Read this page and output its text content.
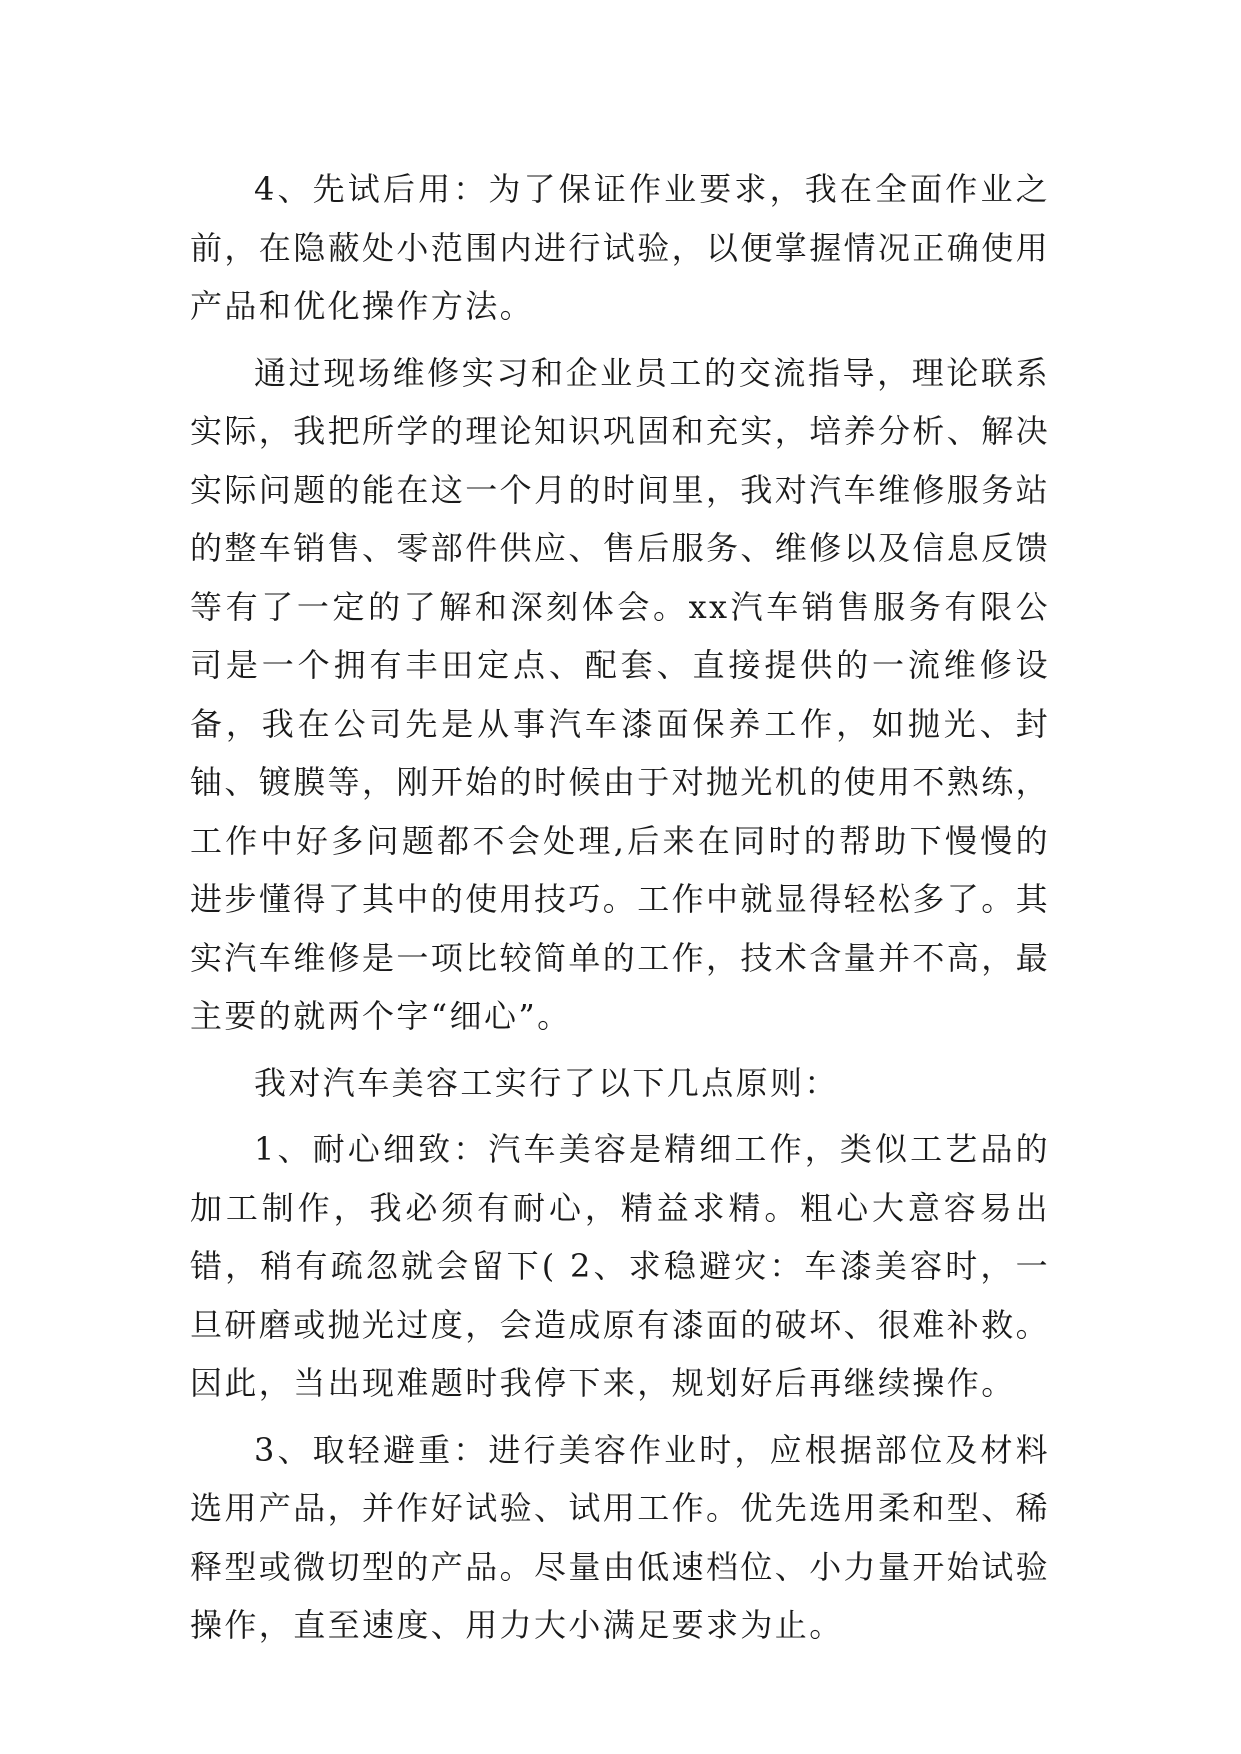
4、先试后用：为了保证作业要求，我在全面作业之前，在隐蔽处小范围内进行试验，以便掌握情况正确使用产品和优化操作方法。

通过现场维修实习和企业员工的交流指导，理论联系实际，我把所学的理论知识巩固和充实，培养分析、解决实际问题的能在这一个月的时间里，我对汽车维修服务站的整车销售、零部件供应、售后服务、维修以及信息反馈等有了一定的了解和深刻体会。xx汽车销售服务有限公司是一个拥有丰田定点、配套、直接提供的一流维修设备，我在公司先是从事汽车漆面保养工作，如抛光、封铀、镀膜等，刚开始的时候由于对抛光机的使用不熟练，工作中好多问题都不会处理,后来在同时的帮助下慢慢的进步懂得了其中的使用技巧。工作中就显得轻松多了。其实汽车维修是一项比较简单的工作，技术含量并不高，最主要的就两个字“细心”。

我对汽车美容工实行了以下几点原则：

1、耐心细致：汽车美容是精细工作，类似工艺品的加工制作，我必须有耐心，精益求精。粗心大意容易出错，稍有疏忽就会留下( 2、求稳避灾：车漆美容时，一旦研磨或抛光过度，会造成原有漆面的破坏、很难补救。因此，当出现难题时我停下来，规划好后再继续操作。

3、取轻避重：进行美容作业时，应根据部位及材料选用产品，并作好试验、试用工作。优先选用柔和型、稀释型或微切型的产品。尽量由低速档位、小力量开始试验操作，直至速度、用力大小满足要求为止。
